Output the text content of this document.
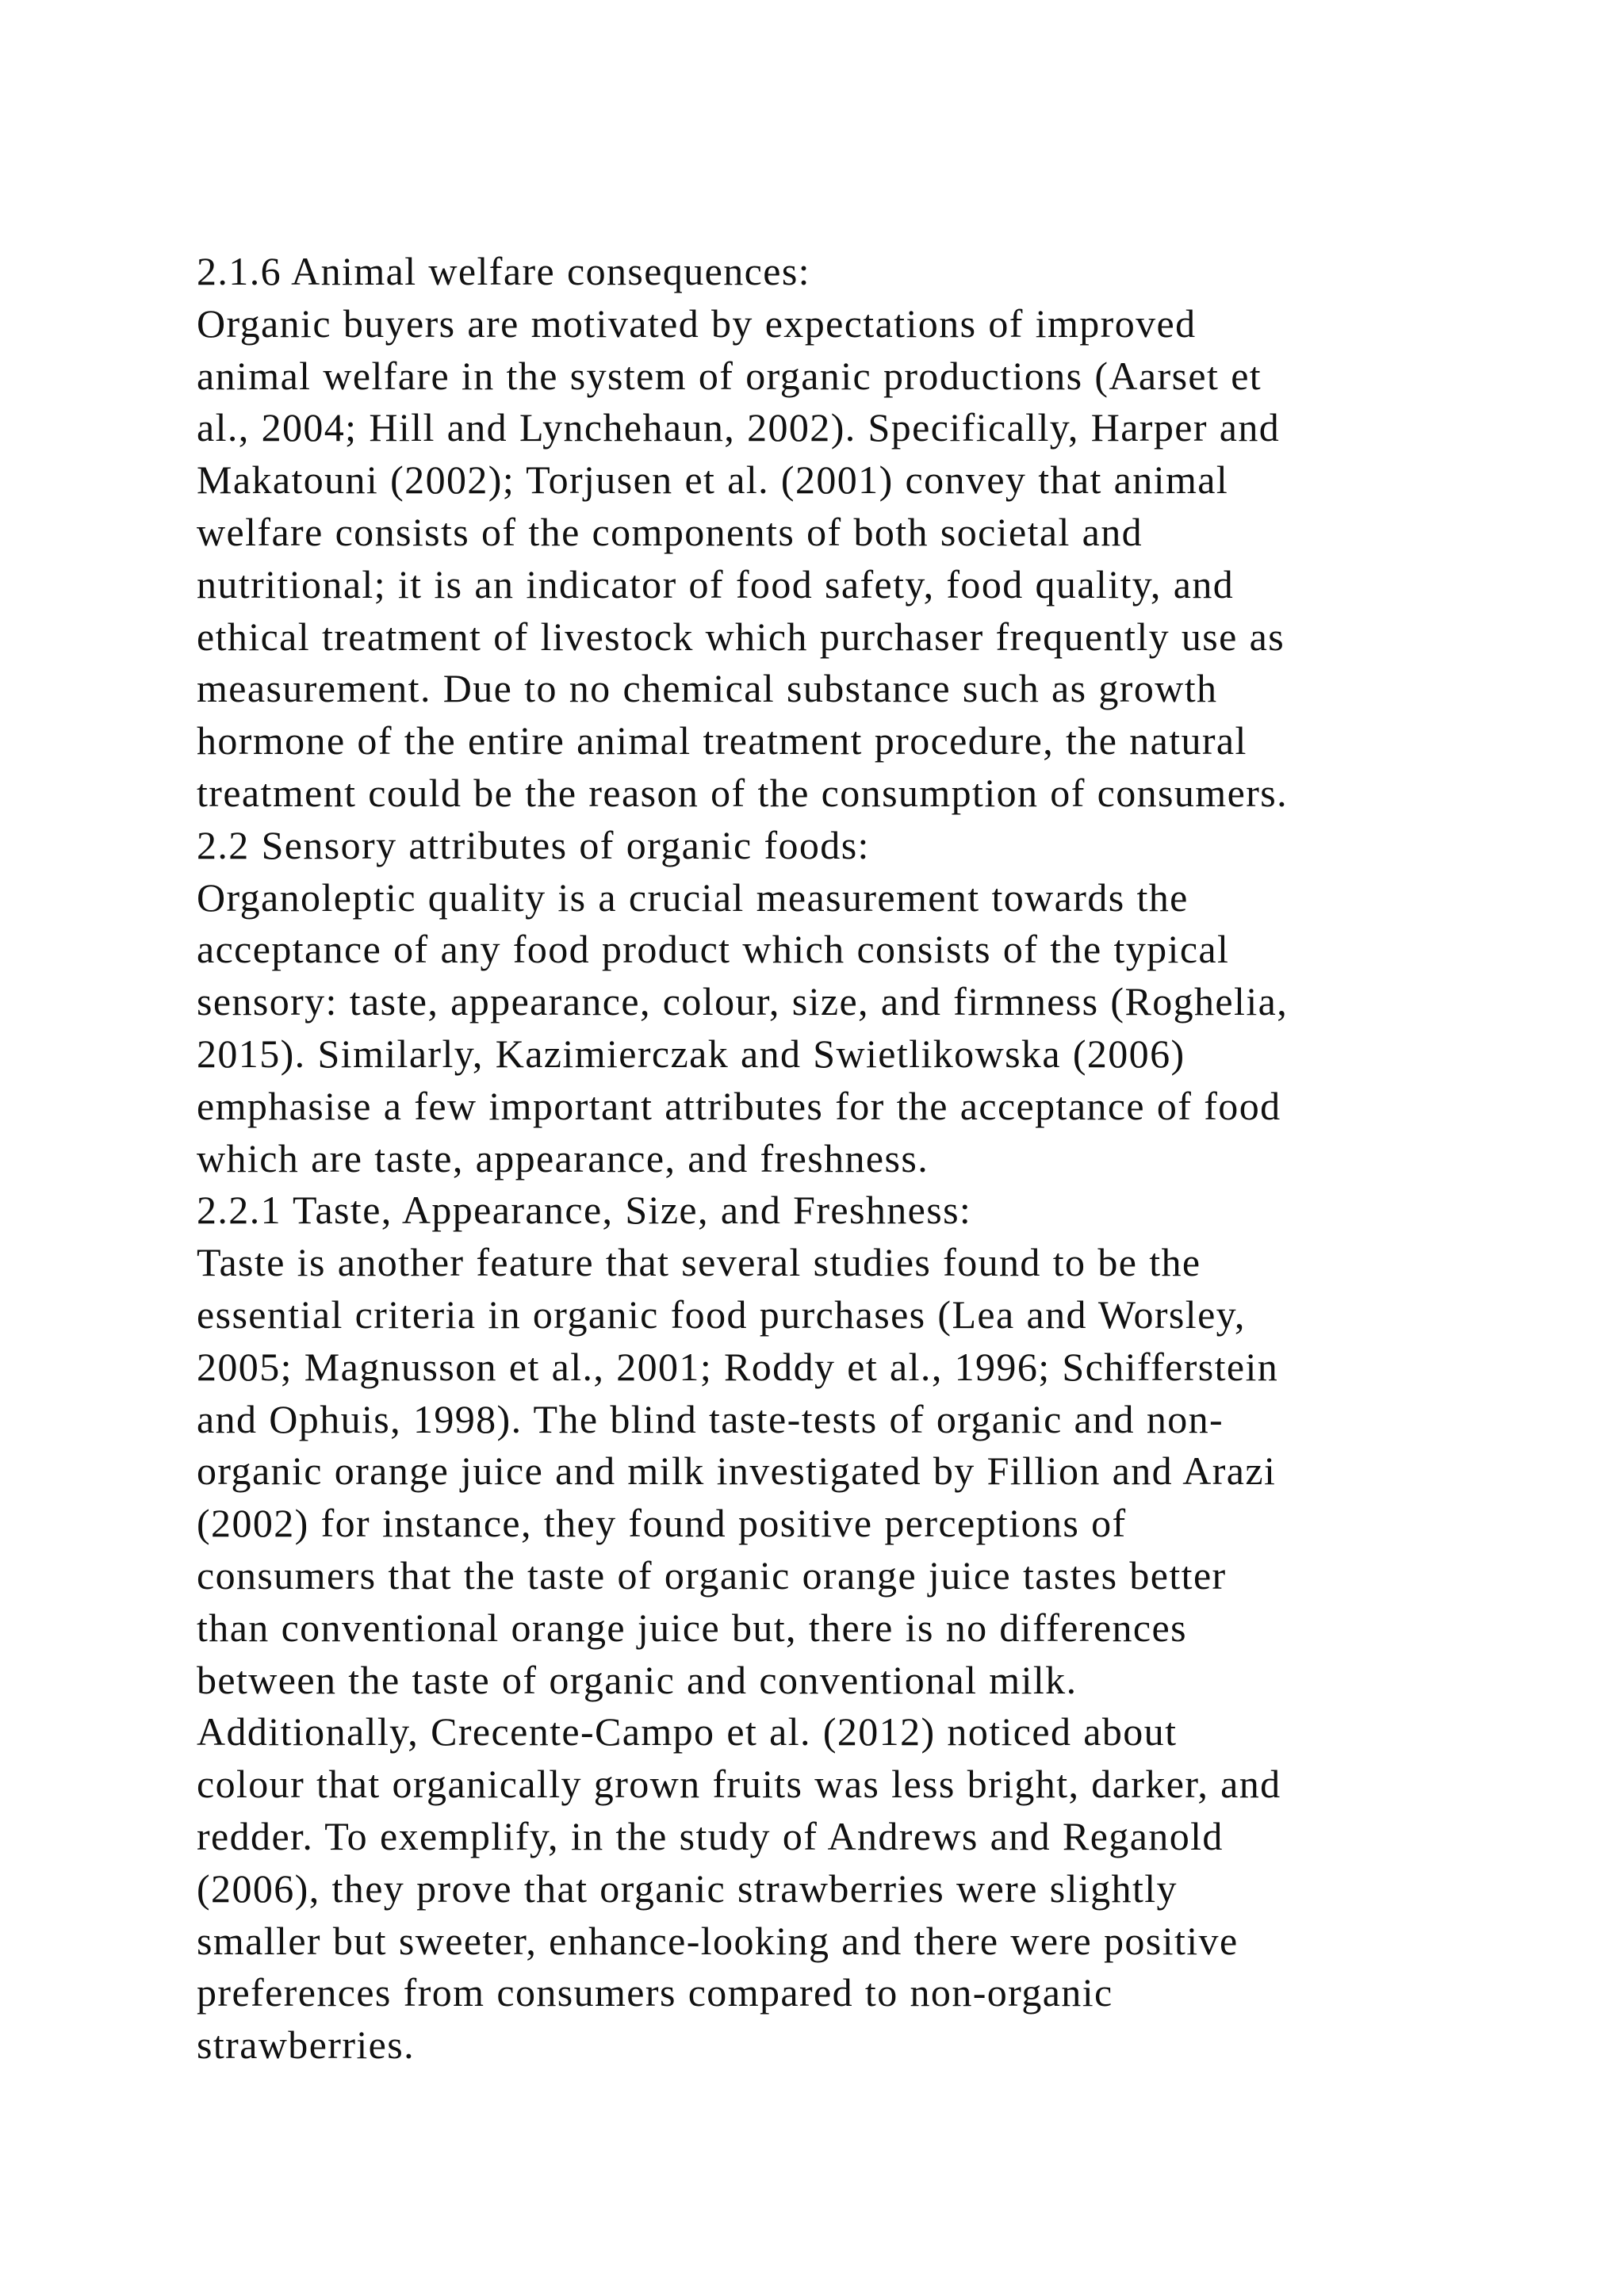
2.1.6 Animal welfare consequences:
Organic buyers are motivated by expectations of improved
animal welfare in the system of organic productions (Aarset et
al., 2004; Hill and Lynchehaun, 2002). Specifically, Harper and
Makatouni (2002); Torjusen et al. (2001) convey that animal
welfare consists of the components of both societal and
nutritional; it is an indicator of food safety, food quality, and
ethical treatment of livestock which purchaser frequently use as
measurement. Due to no chemical substance such as growth
hormone of the entire animal treatment procedure, the natural
treatment could be the reason of the consumption of consumers.
2.2 Sensory attributes of organic foods:
Organoleptic quality is a crucial measurement towards the
acceptance of any food product which consists of the typical
sensory: taste, appearance, colour, size, and firmness (Roghelia,
2015). Similarly, Kazimierczak and Swietlikowska (2006)
emphasise a few important attributes for the acceptance of food
which are taste, appearance, and freshness.
2.2.1 Taste, Appearance, Size, and Freshness:
Taste is another feature that several studies found to be the
essential criteria in organic food purchases (Lea and Worsley,
2005; Magnusson et al., 2001; Roddy et al., 1996; Schifferstein
and Ophuis, 1998). The blind taste-tests of organic and non-
organic orange juice and milk investigated by Fillion and Arazi
(2002) for instance, they found positive perceptions of
consumers that the taste of organic orange juice tastes better
than conventional orange juice but, there is no differences
between the taste of organic and conventional milk.
Additionally, Crecente-Campo et al. (2012) noticed about
colour that organically grown fruits was less bright, darker, and
redder. To exemplify, in the study of Andrews and Reganold
(2006), they prove that organic strawberries were slightly
smaller but sweeter, enhance-looking and there were positive
preferences from consumers compared to non-organic
strawberries.
